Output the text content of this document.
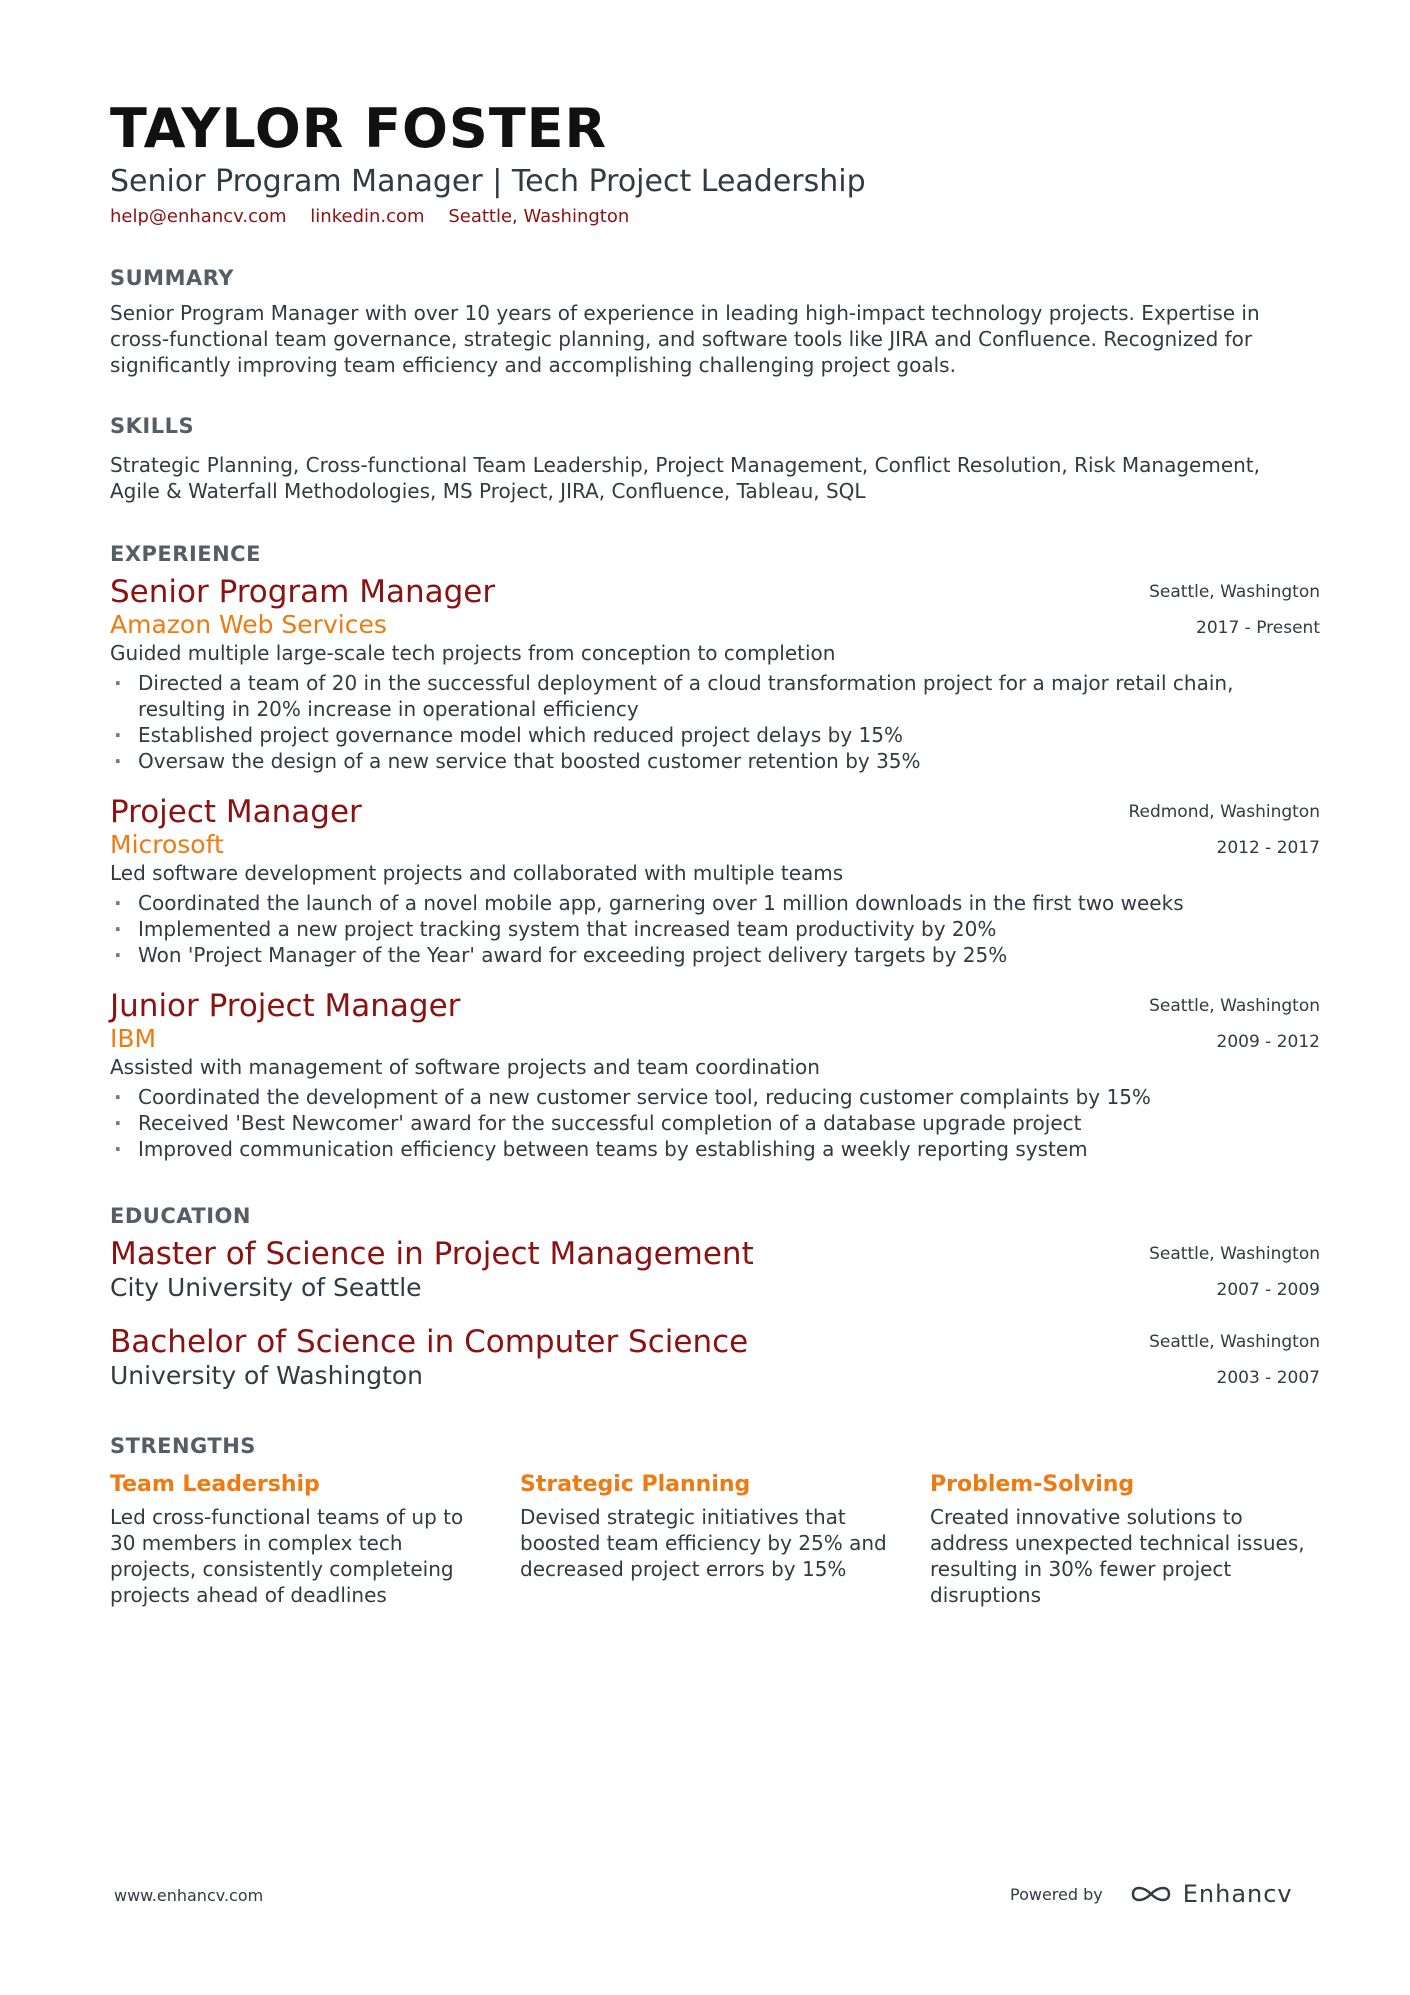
TAYLOR FOSTER
Senior Program Manager | Tech Project Leadership
help@enhancv.com linkedin.com Seattle, Washington
SUMMARY
Senior Program Manager with over 10 years of experience in leading high-impact technology projects. Expertise in cross-functional team governance, strategic planning, and software tools like JIRA and Confluence. Recognized for significantly improving team efficiency and accomplishing challenging project goals.
SKILLS
Strategic Planning, Cross-functional Team Leadership, Project Management, Conflict Resolution, Risk Management, Agile & Waterfall Methodologies, MS Project, JIRA, Confluence, Tableau, SQL
EXPERIENCE
Senior Program Manager
Amazon Web Services
Seattle, Washington
2017 - Present
Guided multiple large-scale tech projects from conception to completion
· Directed a team of 20 in the successful deployment of a cloud transformation project for a major retail chain, resulting in 20% increase in operational efficiency
· Established project governance model which reduced project delays by 15%
· Oversaw the design of a new service that boosted customer retention by 35%
Project Manager
Microsoft
Redmond, Washington
2012 - 2017
Led software development projects and collaborated with multiple teams
· Coordinated the launch of a novel mobile app, garnering over 1 million downloads in the first two weeks
· Implemented a new project tracking system that increased team productivity by 20%
· Won 'Project Manager of the Year' award for exceeding project delivery targets by 25%
Junior Project Manager
IBM
Seattle, Washington
2009 - 2012
Assisted with management of software projects and team coordination
· Coordinated the development of a new customer service tool, reducing customer complaints by 15%
· Received 'Best Newcomer' award for the successful completion of a database upgrade project
· Improved communication efficiency between teams by establishing a weekly reporting system
EDUCATION
Master of Science in Project Management
City University of Seattle
Seattle, Washington
2007 - 2009
Bachelor of Science in Computer Science
University of Washington
Seattle, Washington
2003 - 2007
STRENGTHS
Team Leadership
Led cross-functional teams of up to 30 members in complex tech projects, consistently completeing projects ahead of deadlines
Strategic Planning
Devised strategic initiatives that boosted team efficiency by 25% and decreased project errors by 15%
Problem-Solving
Created innovative solutions to address unexpected technical issues, resulting in 30% fewer project disruptions
www.enhancv.com	Powered by	Enhancv
